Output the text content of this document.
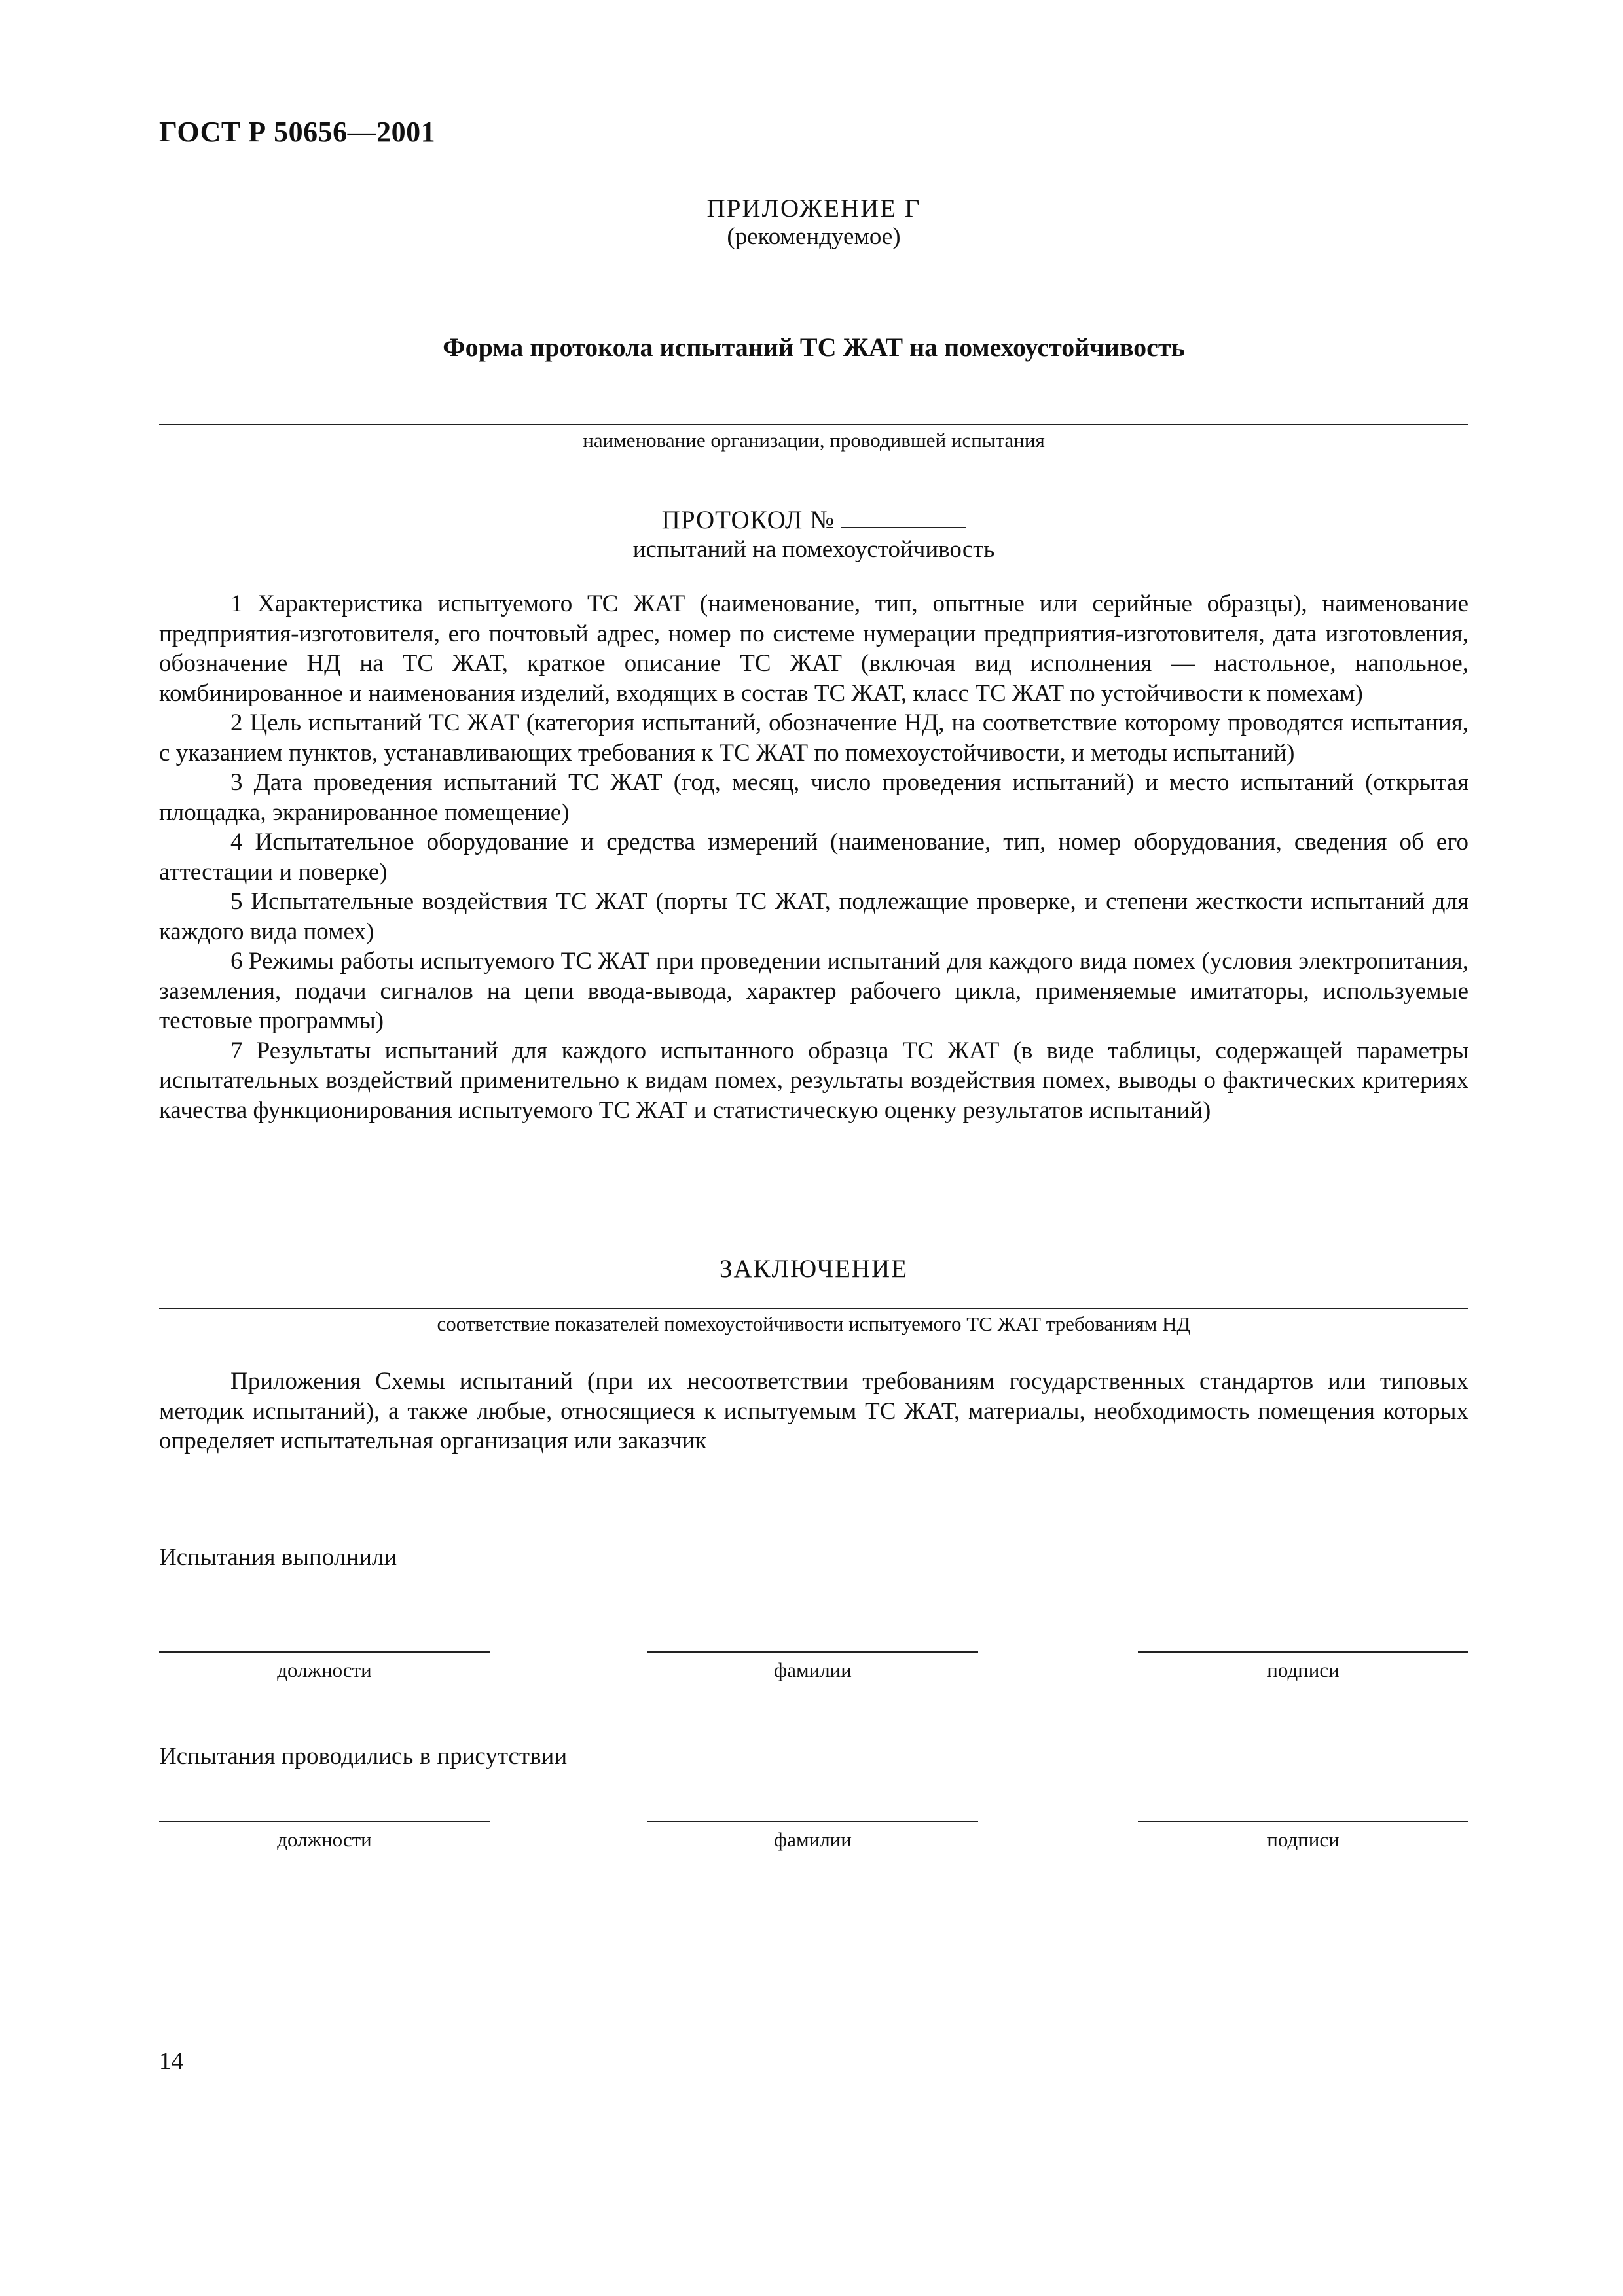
ГОСТ Р 50656—2001
ПРИЛОЖЕНИЕ Г
(рекомендуемое)
Форма протокола испытаний ТС ЖАТ на помехоустойчивость
наименование организации, проводившей испытания
ПРОТОКОЛ №
испытаний на помехоустойчивость

1 Характеристика испытуемого ТС ЖАТ (наименование, тип, опытные или серийные образцы), наименование предприятия-изготовителя, его почтовый адрес, номер по системе нумерации предприятия-изготовителя, дата изготовления, обозначение НД на ТС ЖАТ, краткое описание ТС ЖАТ (включая вид исполнения — настольное, напольное, комбинированное и наименования изделий, входящих в состав ТС ЖАТ, класс ТС ЖАТ по устойчивости к помехам)

2 Цель испытаний ТС ЖАТ (категория испытаний, обозначение НД, на соответствие которому проводятся испытания, с указанием пунктов, устанавливающих требования к ТС ЖАТ по помехоустойчивости, и методы испытаний)

3 Дата проведения испытаний ТС ЖАТ (год, месяц, число проведения испытаний) и место испытаний (открытая площадка, экранированное помещение)

4 Испытательное оборудование и средства измерений (наименование, тип, номер оборудования, сведения об его аттестации и поверке)

5 Испытательные воздействия ТС ЖАТ (порты ТС ЖАТ, подлежащие проверке, и степени жесткости испытаний для каждого вида помех)

6 Режимы работы испытуемого ТС ЖАТ при проведении испытаний для каждого вида помех (условия электропитания, заземления, подачи сигналов на цепи ввода-вывода, характер рабочего цикла, применяемые имитаторы, используемые тестовые программы)

7 Результаты испытаний для каждого испытанного образца ТС ЖАТ (в виде таблицы, содержащей параметры испытательных воздействий применительно к видам помех, результаты воздействия помех, выводы о фактических критериях качества функционирования испытуемого ТС ЖАТ и статистическую оценку результатов испытаний)

ЗАКЛЮЧЕНИЕ
соответствие показателей помехоустойчивости испытуемого ТС ЖАТ требованиям НД

Приложения Схемы испытаний (при их несоответствии требованиям государственных стандартов или типовых методик испытаний), а также любые, относящиеся к испытуемым ТС ЖАТ, материалы, необходимость помещения которых определяет испытательная организация или заказчик

Испытания выполнили
должности	фамилии	подписи
Испытания проводились в присутствии
должности	фамилии	подписи
14
